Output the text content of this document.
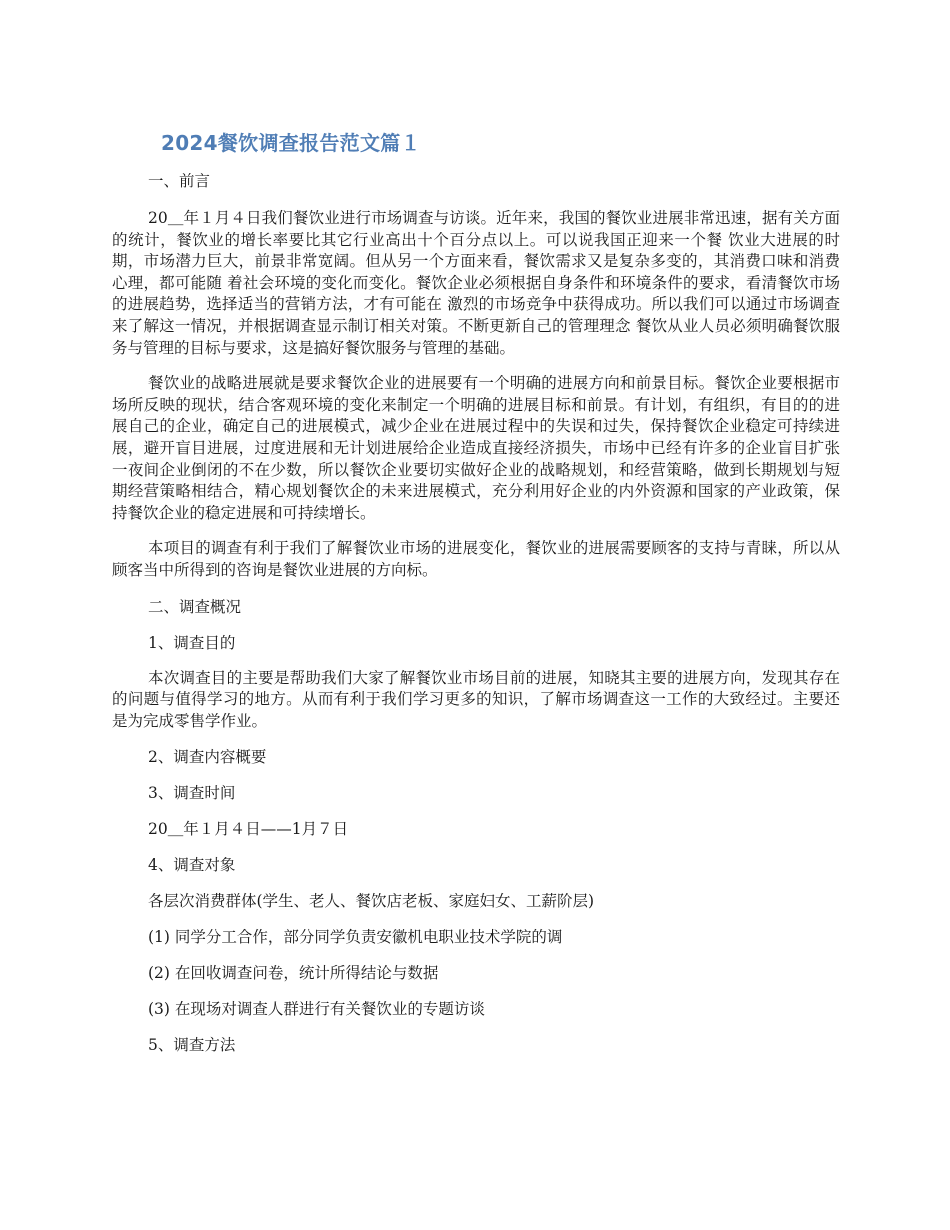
2024餐饮调查报告范文篇１
一、前言

20＿年１月４日我们餐饮业进行市场调查与访谈。近年来，我国的餐饮业进展非常迅速，据有关方面的统计，餐饮业的增长率要比其它行业高出十个百分点以上。可以说我国正迎来一个餐 饮业大进展的时期，市场潜力巨大，前景非常宽阔。但从另一个方面来看，餐饮需求又是复杂多变的，其消费口味和消费心理，都可能随 着社会环境的变化而变化。餐饮企业必须根据自身条件和环境条件的要求，看清餐饮市场的进展趋势，选择适当的营销方法，才有可能在 激烈的市场竞争中获得成功。所以我们可以通过市场调查来了解这一情况，并根据调查显示制订相关对策。不断更新自己的管理理念 餐饮从业人员必须明确餐饮服务与管理的目标与要求，这是搞好餐饮服务与管理的基础。

餐饮业的战略进展就是要求餐饮企业的进展要有一个明确的进展方向和前景目标。餐饮企业要根据市场所反映的现状，结合客观环境的变化来制定一个明确的进展目标和前景。有计划，有组织，有目的的进展自己的企业，确定自己的进展模式，减少企业在进展过程中的失误和过失，保持餐饮企业稳定可持续进展，避开盲目进展，过度进展和无计划进展给企业造成直接经济损失，市场中已经有许多的企业盲目扩张一夜间企业倒闭的不在少数，所以餐饮企业要切实做好企业的战略规划，和经营策略，做到长期规划与短期经营策略相结合，精心规划餐饮企的未来进展模式，充分利用好企业的内外资源和国家的产业政策，保持餐饮企业的稳定进展和可持续增长。

本项目的调查有利于我们了解餐饮业市场的进展变化，餐饮业的进展需要顾客的支持与青睐，所以从顾客当中所得到的咨询是餐饮业进展的方向标。

二、调查概况
1、调查目的

本次调查目的主要是帮助我们大家了解餐饮业市场目前的进展，知晓其主要的进展方向，发现其存在的问题与值得学习的地方。从而有利于我们学习更多的知识，了解市场调查这一工作的大致经过。主要还是为完成零售学作业。

2、调查内容概要
3、调查时间
20＿年１月４日——1月７日
4、调查对象
各层次消费群体(学生、老人、餐饮店老板、家庭妇女、工薪阶层)
(1) 同学分工合作，部分同学负责安徽机电职业技术学院的调
(2) 在回收调查问卷，统计所得结论与数据
(3) 在现场对调查人群进行有关餐饮业的专题访谈
5、调查方法
